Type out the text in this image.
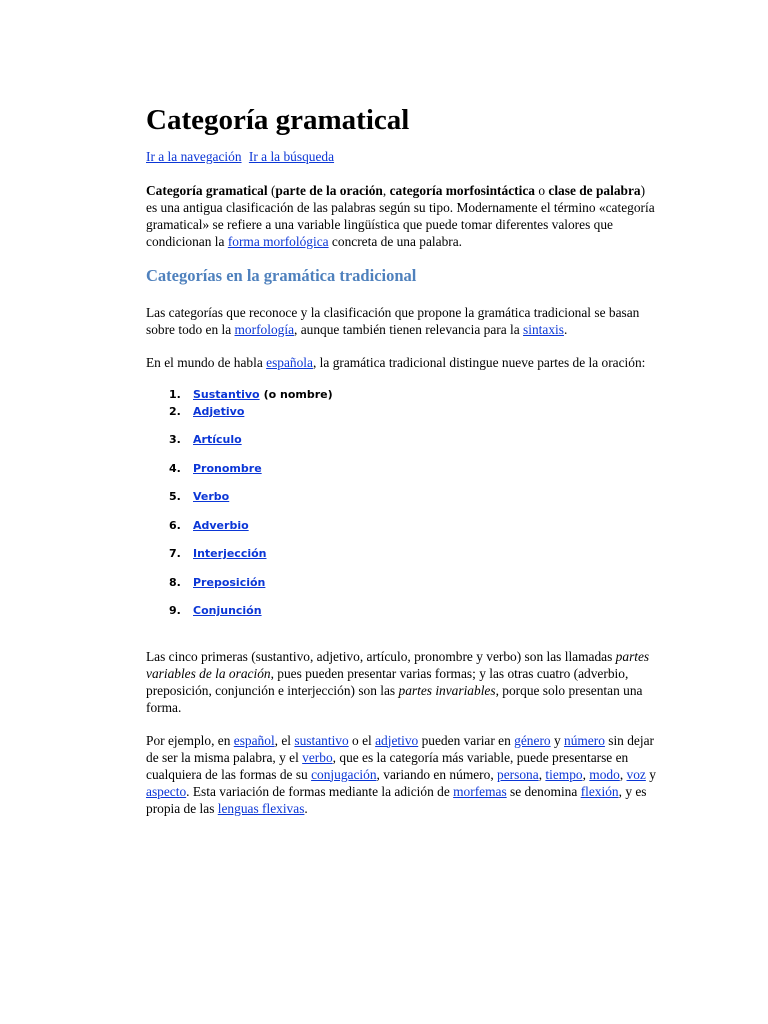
Categoría gramatical

Ir a la navegación Ir a la búsqueda

Categoría gramatical (parte de la oración, categoría morfosintáctica o clase de palabra) es una antigua clasificación de las palabras según su tipo. Modernamente el término «categoría gramatical» se refiere a una variable lingüística que puede tomar diferentes valores que condicionan la forma morfológica concreta de una palabra.

Categorías en la gramática tradicional

Las categorías que reconoce y la clasificación que propone la gramática tradicional se basan sobre todo en la morfología, aunque también tienen relevancia para la sintaxis.

En el mundo de habla española, la gramática tradicional distingue nueve partes de la oración:

1.	Sustantivo (o nombre)
2.	Adjetivo
3.	Artículo
4.	Pronombre
5.	Verbo
6.	Adverbio
7.	Interjección
8.	Preposición
9.	Conjunción

Las cinco primeras (sustantivo, adjetivo, artículo, pronombre y verbo) son las llamadas partes variables de la oración, pues pueden presentar varias formas; y las otras cuatro (adverbio, preposición, conjunción e interjección) son las partes invariables, porque solo presentan una forma.

Por ejemplo, en español, el sustantivo o el adjetivo pueden variar en género y número sin dejar de ser la misma palabra, y el verbo, que es la categoría más variable, puede presentarse en cualquiera de las formas de su conjugación, variando en número, persona, tiempo, modo, voz y aspecto. Esta variación de formas mediante la adición de morfemas se denomina flexión, y es propia de las lenguas flexivas.
